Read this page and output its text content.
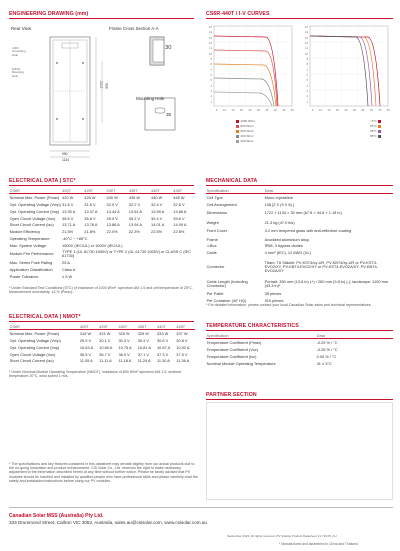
ENGINEERING DRAWING (mm)	CS6R-440T / I-V CURVES
Rear View	Frame Cross Section A-A
4-Φ4
Grounding
Hole
8-Φx9
Mounting
Hole
30
1722 990
990
1134
Mounting Hole
35
15
14
13
12
11
10
9
8
7
6
5
4
3
2
1
15
14
13
12
11
10
9
8
7
6
5
4
3
2
1
5 10 15 20 25 30 35 40 45 50	5 10 15 20 25 30 35 40 45 50
1000 W/m²
800 W/m²
600 W/m²
400 W/m²
200 W/m²
5°C
25°C
45°C
65°C
ELECTRICAL DATA | STC*
CS6R	420T	425T	430T	435T	440T	445T
Nominal Max. Power (Pmax)	420 W	425 W	430 W	435 W	440 W	445 W
Opt. Operating Voltage (Vmp)	31.6 V	31.8 V	32.0 V	32.2 V	32.4 V	32.6 V
Opt. Operating Current (Imp)	13.30 A	13.37 A	13.44 A	13.51 A	13.59 A	13.66 A
Open Circuit Voltage (Voc)	38.6 V	38.8 V	39.0 V	39.2 V	39.4 V	39.6 V
Short Circuit Current (Isc)	13.71 A	13.78 A	13.86 A	13.94 A	14.01 A	14.09 A
Module Efficiency	21.5%	21.8%	22.0%	22.3%	22.5%	22.8%
Operating Temperature	-40°C ~ +85°C					
Max. System Voltage	1500V (IEC/UL) or 1000V (IEC/UL)					
Module Fire Performance	TYPE 1 (UL 61730 1500V) or TYPE 2 (UL 61730 1000V) or CLASS C (IEC 61730)					
Max. Series Fuse Rating	25 A					
Application Classification	Class A					
Power Tolerance	± 5 W					
* Under Standard Test Conditions (STC) of irradiance of 1000 W/m², spectrum AM 1.5 and cell temperature of 25°C. Measurement uncertainty: ±3 % (Pmax).
ELECTRICAL DATA | NMOT*
CS6R	420T	425T	430T	435T	440T	445T
Nominal Max. Power (Pmax)	318 W	321 W	325 W	329 W	333 W	337 W
Opt. Operating Voltage (Vmp)	29.9 V	30.1 V	30.3 V	30.4 V	30.6 V	30.8 V
Opt. Operating Current (Imp)	10.63 A	10.69 A	10.75 A	10.81 A	10.87 A	10.92 A
Open Circuit Voltage (Voc)	36.5 V	36.7 V	36.9 V	37.1 V	37.3 V	37.5 V
Short Circuit Current (Isc)	11.05 A	11.11 A	11.18 A	11.24 A	11.30 A	11.36 A
* Under Nominal Module Operating Temperature (NMOT), irradiance of 800 W/m² spectrum AM 1.5, ambient temperature 20°C, wind speed 1 m/s.
MECHANICAL DATA
Specification	Data
Cell Type	Mono-crystalline
Cell Arrangement	108 [2 X (9 X 6) ]
Dimensions	1722 × 1134 × 30 mm (67.8 × 44.6 × 1.18 in)
Weight	21.3 kg (47.0 lbs)
Front Cover	3.2 mm tempered glass with anti-reflective coating
Frame	Anodized aluminium alloy,
J-Box	IP68, 3 bypass diodes
Cable	4 mm² (IEC), 12 AWG (UL)
Connector	T6am: T6 Stäubli: PV-KST4/xy-UR, PV-KBT4/xy-UR or PV-KST4-EVO2/XY, PV-KBT4-EVO2/XY or PV-KST4-EVO2A/XY, PV-KBT4-EVO2A/XY
Cable Length (Including Connector)	Portrait: 350 mm (13.8 in) (+) / 250 mm (9.8 in) (-); landscape: 1100 mm (43.3 in)*
Per Pallet	35 pieces
Per Container (40' HQ)	910 pieces
* For detailed information, please contact your local Canadian Solar sales and technical representatives.
TEMPERATURE CHARACTERISTICS
Specification	Data
Temperature Coefficient (Pmax)	-0.29 % / °C
Temperature Coefficient (Voc)	-0.25 % / °C
Temperature Coefficient (Isc)	0.05 % / °C
Nominal Module Operating Temperature	41 ± 3°C
PARTNER SECTION
* The specifications and key features contained in this datasheet may deviate slightly from our actual products due to the on-going innovation and product enhancement. CSI Solar Co., Ltd. reserves the right to make necessary adjustment to the information described herein at any time without further notice. Please be kindly advised that PV modules should be handled and installed by qualified people who have professional skills and please carefully read the safety and installation instructions before using our PV modules.
Canadian Solar MSS (Australia) Pty Ltd.
333 Drummond Street, Carlton VIC 3053, Australia, sales.au@csisolar.com, www.csisolar.com.au
September 2023. All rights reserved, PV Module Product Datasheet V1.72C25_AU
* Manufactured and assembled in China and Thailand.
